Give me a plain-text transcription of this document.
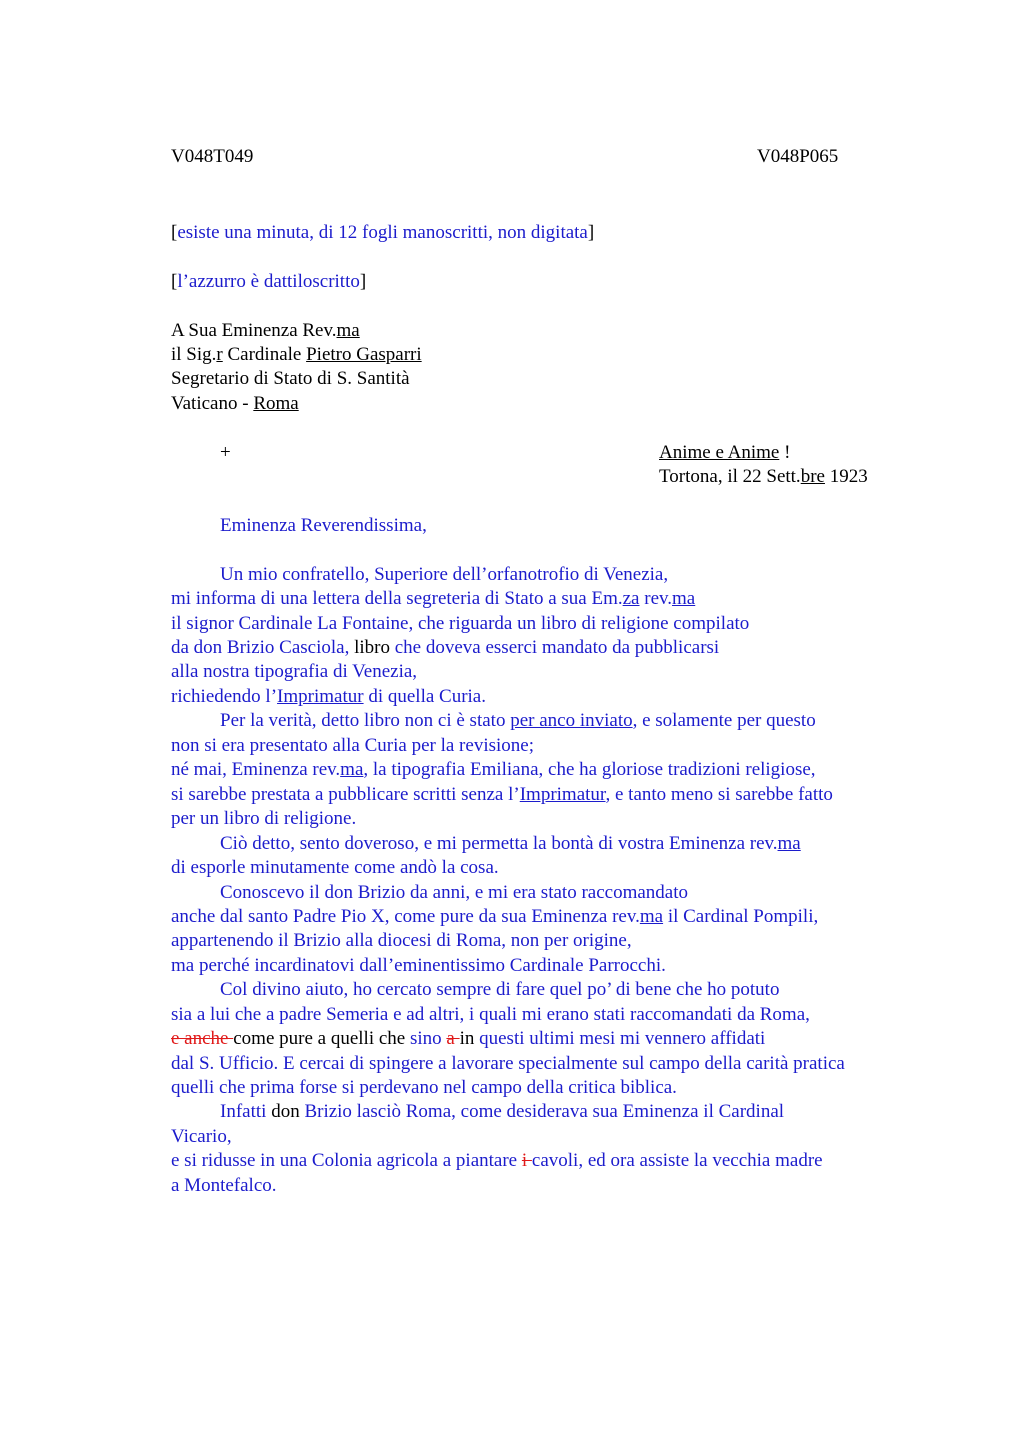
V048T049	V048P065
[esiste una minuta, di 12 fogli manoscritti, non digitata]
[l’azzurro è dattiloscritto]
A Sua Eminenza Rev.ma
il Sig.r Cardinale Pietro Gasparri
Segretario di Stato di S. Santità
Vaticano - Roma
+	Anime e Anime !
Tortona, il 22 Sett.bre 1923
Eminenza Reverendissima,
Un mio confratello, Superiore dell’orfanotrofio di Venezia,
mi informa di una lettera della segreteria di Stato a sua Em.za rev.ma
il signor Cardinale La Fontaine, che riguarda un libro di religione compilato
da don Brizio Casciola, libro che doveva esserci mandato da pubblicarsi
alla nostra tipografia di Venezia,
richiedendo l’Imprimatur di quella Curia.
Per la verità, detto libro non ci è stato per anco inviato, e solamente per questo
non si era presentato alla Curia per la revisione;
né mai, Eminenza rev.ma, la tipografia Emiliana, che ha gloriose tradizioni religiose,
si sarebbe prestata a pubblicare scritti senza l’Imprimatur, e tanto meno si sarebbe fatto
per un libro di religione.
Ciò detto, sento doveroso, e mi permetta la bontà di vostra Eminenza rev.ma
di esporle minutamente come andò la cosa.
Conoscevo il don Brizio da anni, e mi era stato raccomandato
anche dal santo Padre Pio X, come pure da sua Eminenza rev.ma il Cardinal Pompili,
appartenendo il Brizio alla diocesi di Roma, non per origine,
ma perché incardinatovi dall’eminentissimo Cardinale Parrocchi.
Col divino aiuto, ho cercato sempre di fare quel po’ di bene che ho potuto
sia a lui che a padre Semeria e ad altri, i quali mi erano stati raccomandati da Roma,
e anche come pure a quelli che sino a in questi ultimi mesi mi vennero affidati
dal S. Ufficio. E cercai di spingere a lavorare specialmente sul campo della carità pratica
quelli che prima forse si perdevano nel campo della critica biblica.
Infatti don Brizio lasciò Roma, come desiderava sua Eminenza il Cardinal
Vicario,
e si ridusse in una Colonia agricola a piantare i cavoli, ed ora assiste la vecchia madre
a Montefalco.
